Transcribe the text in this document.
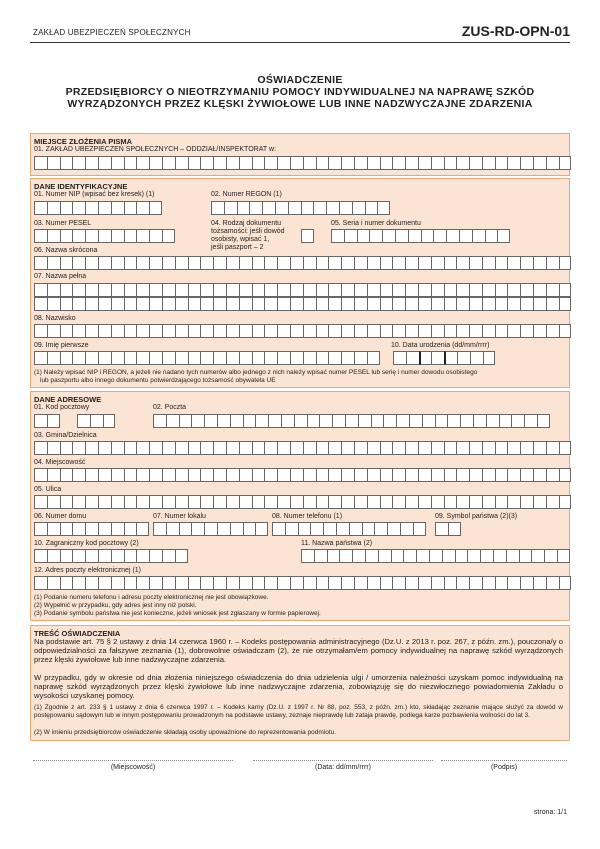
ZAKŁAD UBEZPIECZEŃ SPOŁECZNYCH	ZUS-RD-OPN-01
OŚWIADCZENIE
PRZEDSIĘBIORCY O NIEOTRZYMANIU POMOCY INDYWIDUALNEJ NA NAPRAWĘ SZKÓD
WYRZĄDZONYCH PRZEZ KLĘSKI ŻYWIOŁOWE LUB INNE NADZWYCZAJNE ZDARZENIA
MIEJSCE ZŁOŻENIA PISMA
01. ZAKŁAD UBEZPIECZEŃ SPOŁECZNYCH – ODDZIAŁ/INSPEKTORAT w:
DANE IDENTYFIKACYJNE
01. Numer NIP (wpisać bez kresek) (1)	02. Numer REGON (1)
03. Numer PESEL	04. Rodzaj dokumentu
tożsamości: jeśli dowód
osobisty, wpisać 1,
jeśli paszport – 2
05. Seria i numer dokumentu
06. Nazwa skrócona
07. Nazwa pełna
08. Nazwisko
09. Imię pierwsze	10. Data urodzenia (dd/mm/rrrr)
(1) Należy wpisać NIP i REGON, a jeżeli nie nadano tych numerów albo jednego z nich należy wpisać numer PESEL lub serię i numer dowodu osobistego
lub paszportu albo innego dokumentu potwierdzającego tożsamość obywatela UE
DANE ADRESOWE
01. Kod pocztowy	02. Poczta
03. Gmina/Dzielnica
04. Miejscowość
05. Ulica
06. Numer domu	07. Numer lokalu	08. Numer telefonu (1)	09. Symbol państwa (2)(3)
10. Zagraniczny kod pocztowy (2)	11. Nazwa państwa (2)
12. Adres poczty elektronicznej (1)
(1) Podanie numeru telefonu i adresu poczty elektronicznej nie jest obowiązkowe.
(2) Wypełnić w przypadku, gdy adres jest inny niż polski.
(3) Podanie symbolu państwa nie jest konieczne, jeżeli wniosek jest zgłaszany w formie papierowej.
TREŚĆ OŚWIADCZENIA
Na podstawie art. 75 § 2 ustawy z dnia 14 czerwca 1960 r. – Kodeks postępowania administracyjnego (Dz.U. z 2013 r. poz. 267, z późn. zm.), pouczona/y o odpowiedzialności za fałszywe zeznania (1), dobrowolnie oświadczam (2), że nie otrzymałam/em pomocy indywidualnej na naprawę szkód wyrządzonych przez klęski żywiołowe lub inne nadzwyczajne zdarzenia.
W przypadku, gdy w okresie od dnia złożenia niniejszego oświadczenia do dnia udzielenia ulgi / umorzenia należności uzyskam pomoc indywidualną na naprawę szkód wyrządzonych przez klęski żywiołowe lub inne nadzwyczajne zdarzenia, zobowiązuję się do niezwłocznego powiadomienia Zakładu o wysokości uzyskanej pomocy.
(1) Zgodnie z art. 233 § 1 ustawy z dnia 6 czerwca 1997 r. – Kodeks karny (Dz.U. z 1997 r. Nr 88, poz. 553, z późn. zm.) kto, składając zeznanie mające służyć za dowód w postępowaniu sądowym lub w innym postępowaniu prowadzonym na podstawie ustawy, zeznaje nieprawdę lub zataja prawdę, podlega karze pozbawienia wolności do lat 3.
(2) W imieniu przedsiębiorców oświadczenie składają osoby upoważnione do reprezentowania podmiotu.
(Miejscowość)	(Data: dd/mm/rrrr)	(Podpis)
strona: 1/1
